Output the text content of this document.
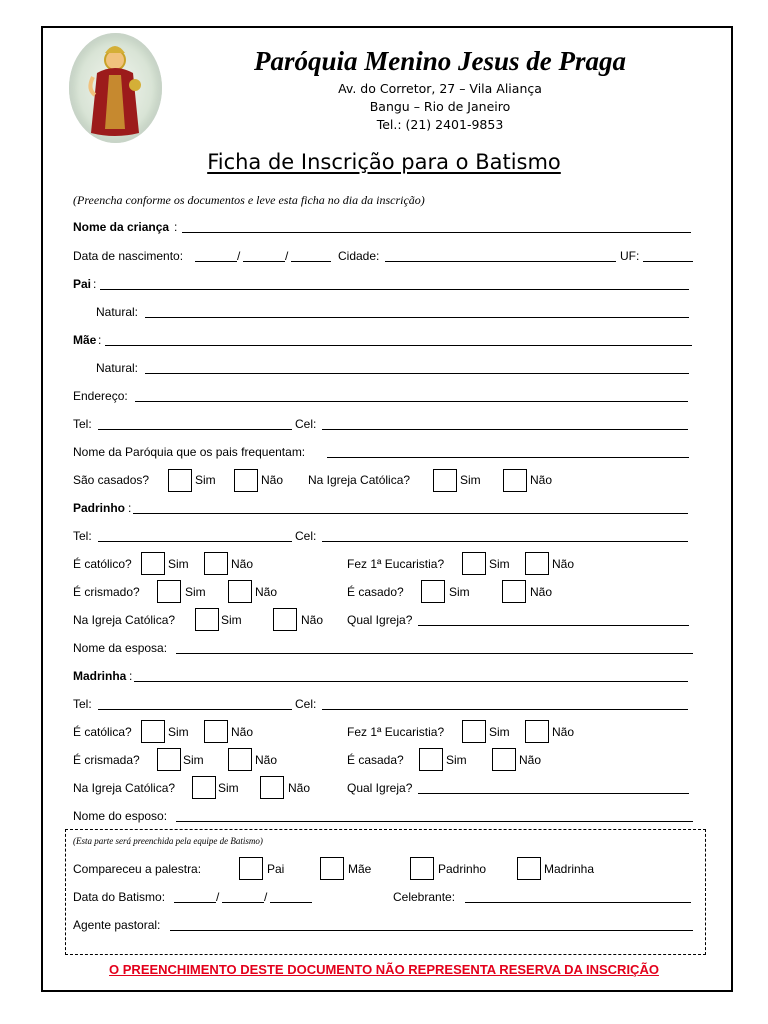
Paróquia Menino Jesus de Praga
Av. do Corretor, 27 – Vila Aliança
Bangu – Rio de Janeiro
Tel.: (21) 2401-9853
Ficha de Inscrição para o Batismo
(Preencha conforme os documentos e leve esta ficha no dia da inscrição)
Nome da criança :
Data de nascimento:	/	/	Cidade:	UF:
Pai :
Natural:
Mãe :
Natural:
Endereço:
Tel:	Cel:
Nome da Paróquia que os pais frequentam:
São casados?	Sim	Não Na Igreja Católica?	Sim	Não
Padrinho :
Tel:	Cel:
É católico?	Sim	Não	Fez 1ª Eucaristia?	Sim	Não
É crismado?	Sim	Não	É casado?	Sim	Não
Na Igreja Católica?	Sim	Não Qual Igreja?
Nome da esposa:
Madrinha :
Tel:	Cel:
É católica?	Sim	Não	Fez 1ª Eucaristia?	Sim	Não
É crismada?	Sim	Não	É casada?	Sim	Não
Na Igreja Católica?	Sim	Não	Qual Igreja?
Nome do esposo:
(Esta parte será preenchida pela equipe de Batismo)
Compareceu a palestra:	Pai	Mãe	Padrinho	Madrinha
Data do Batismo:	/	/	Celebrante:
Agente pastoral:
O PREENCHIMENTO DESTE DOCUMENTO NÃO REPRESENTA RESERVA DA INSCRIÇÃO
